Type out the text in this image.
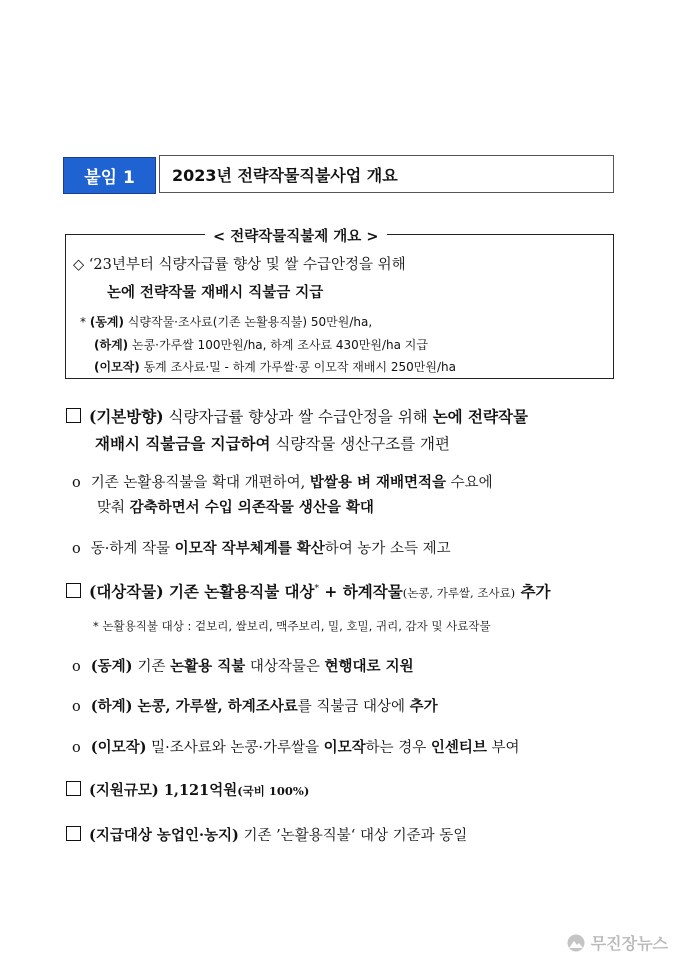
붙임 1	2023년 전략작물직불사업 개요
< 전략작물직불제 개요 >
◇ ‘23년부터 식량자급률 향상 및 쌀 수급안정을 위해
논에 전략작물 재배시 직불금 지급
* (동계) 식량작물·조사료(기존 논활용직불) 50만원/ha,
(하계) 논콩·가루쌀 100만원/ha, 하계 조사료 430만원/ha 지급
(이모작) 동계 조사료·밀 - 하계 가루쌀·콩 이모작 재배시 250만원/ha
(기본방향) 식량자급률 향상과 쌀 수급안정을 위해 논에 전략작물
재배시 직불금을 지급하여 식량작물 생산구조를 개편
o 기존 논활용직불을 확대 개편하여, 밥쌀용 벼 재배면적을 수요에
맞춰 감축하면서 수입 의존작물 생산을 확대
o 동·하계 작물 이모작 작부체계를 확산하여 농가 소득 제고
(대상작물) 기존 논활용직불 대상* + 하계작물(논콩, 가루쌀, 조사료) 추가
* 논활용직불 대상 : 겉보리, 쌀보리, 맥주보리, 밀, 호밀, 귀리, 감자 및 사료작물
o (동계) 기존 논활용 직불 대상작물은 현행대로 지원
o (하계) 논콩, 가루쌀, 하계조사료를 직불금 대상에 추가
o (이모작) 밀·조사료와 논콩·가루쌀을 이모작하는 경우 인센티브 부여
(지원규모) 1,121억원(국비 100%)
(지급대상 농업인·농지) 기존 ’논활용직불‘ 대상 기준과 동일
무진장뉴스
